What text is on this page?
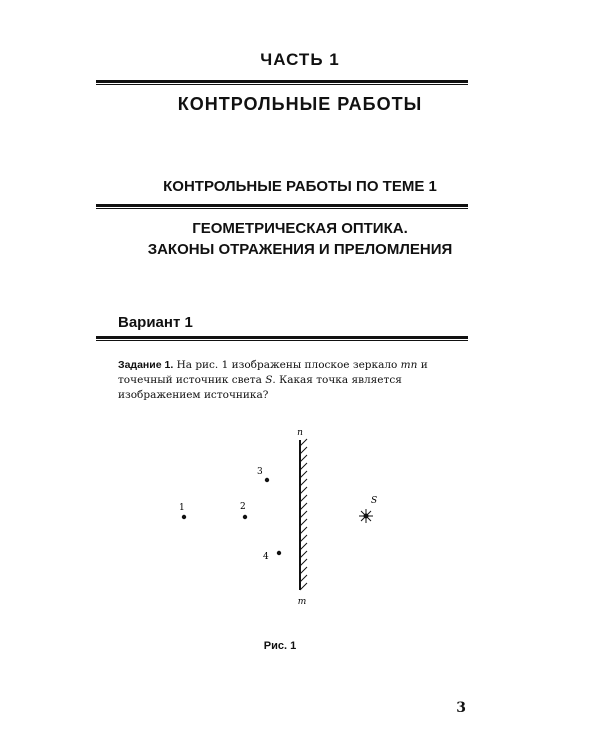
ЧАСТЬ 1
КОНТРОЛЬНЫЕ РАБОТЫ
КОНТРОЛЬНЫЕ РАБОТЫ ПО ТЕМЕ 1
ГЕОМЕТРИЧЕСКАЯ ОПТИКА.
ЗАКОНЫ ОТРАЖЕНИЯ И ПРЕЛОМЛЕНИЯ
Вариант 1
Задание 1. На рис. 1 изображены плоское зеркало mn и точечный источник света S. Какая точка является изображением источника?
n
m
1	2
3
4
S
Рис. 1
3
